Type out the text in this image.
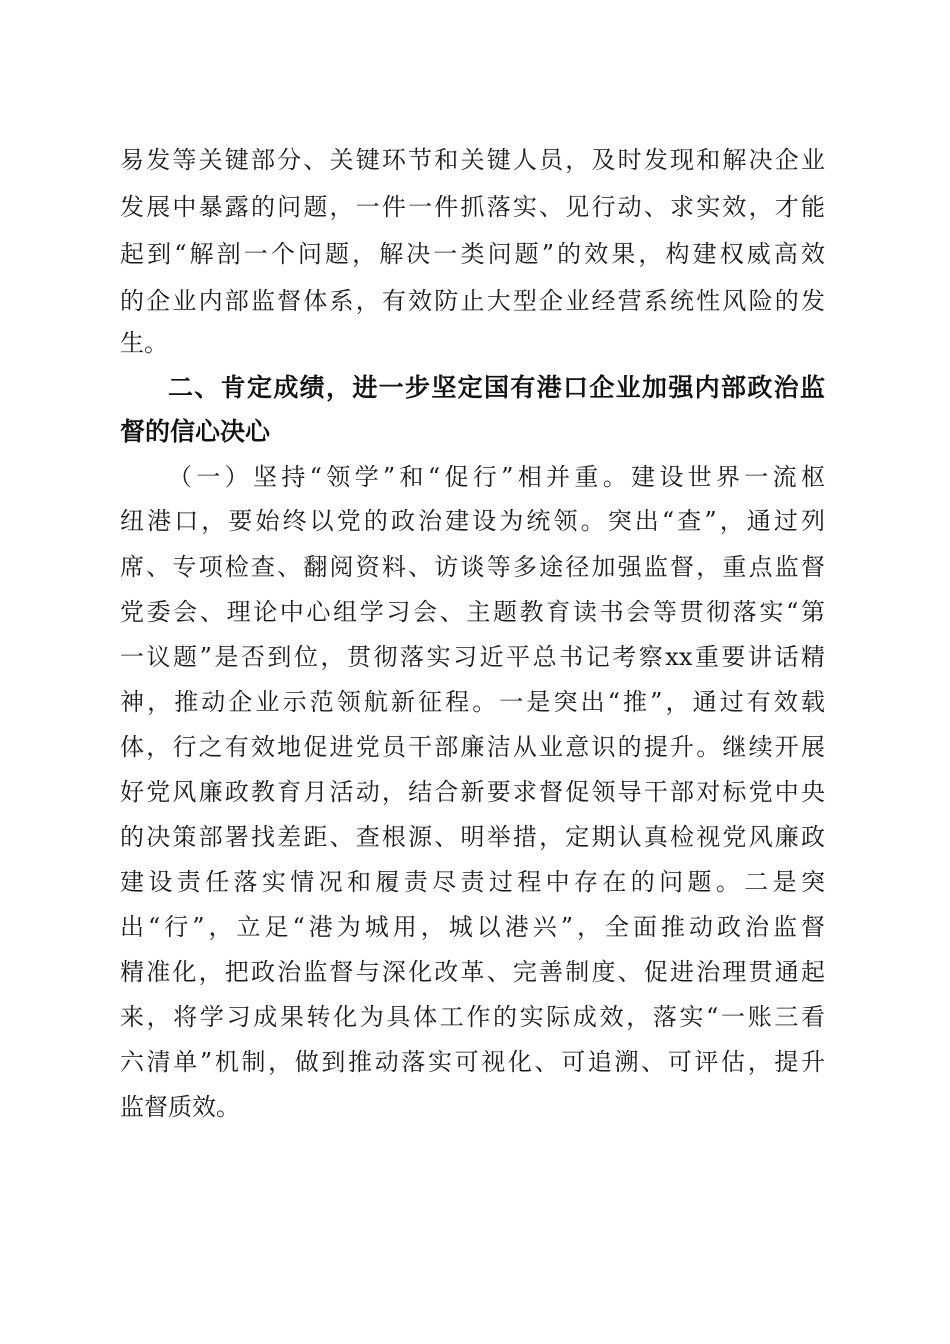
易发等关键部分、关键环节和关键人员，及时发现和解决企业
发展中暴露的问题，一件一件抓落实、见行动、求实效，才能
起到“解剖一个问题，解决一类问题”的效果，构建权威高效
的企业内部监督体系，有效防止大型企业经营系统性风险的发
生。
二、肯定成绩，进一步坚定国有港口企业加强内部政治监
督的信心决心
（一）坚持“领学”和“促行”相并重。建设世界一流枢
纽港口，要始终以党的政治建设为统领。突出“查”，通过列
席、专项检查、翻阅资料、访谈等多途径加强监督，重点监督
党委会、理论中心组学习会、主题教育读书会等贯彻落实“第
一议题”是否到位，贯彻落实习近平总书记考察xx重要讲话精
神，推动企业示范领航新征程。一是突出“推”，通过有效载
体，行之有效地促进党员干部廉洁从业意识的提升。继续开展
好党风廉政教育月活动，结合新要求督促领导干部对标党中央
的决策部署找差距、查根源、明举措，定期认真检视党风廉政
建设责任落实情况和履责尽责过程中存在的问题。二是突
出“行”，立足“港为城用，城以港兴”，全面推动政治监督
精准化，把政治监督与深化改革、完善制度、促进治理贯通起
来，将学习成果转化为具体工作的实际成效，落实“一账三看
六清单”机制，做到推动落实可视化、可追溯、可评估，提升
监督质效。
